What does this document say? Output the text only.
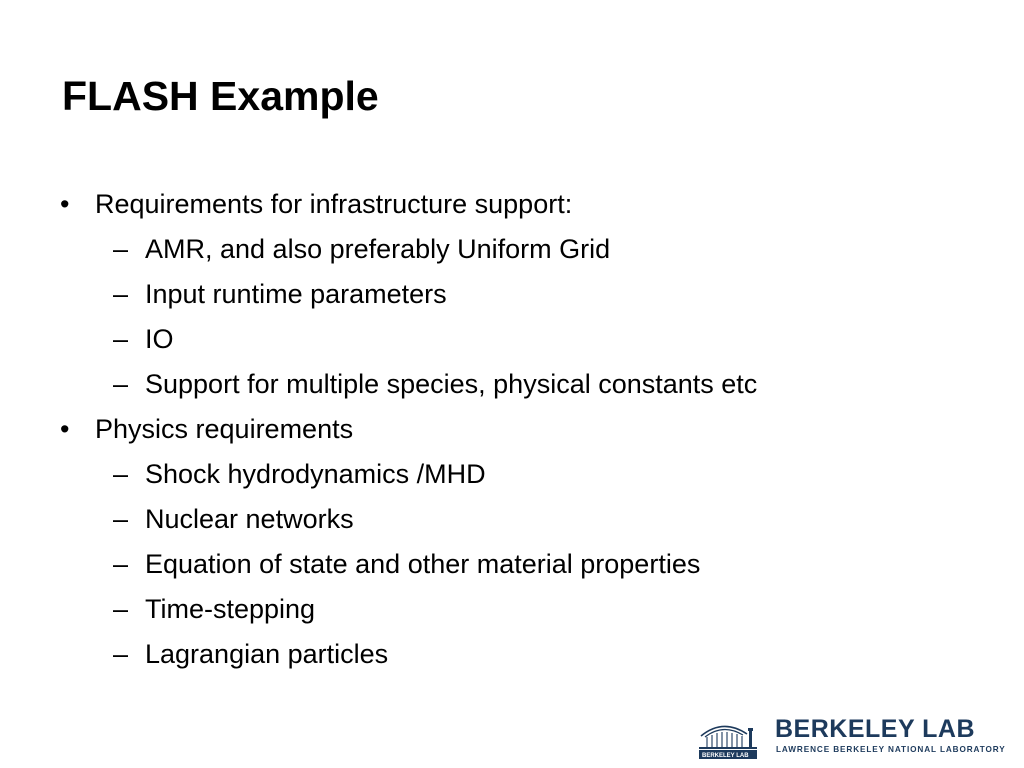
FLASH Example
• Requirements for infrastructure support:
– AMR, and also preferably Uniform Grid
– Input runtime parameters
– IO
– Support for multiple species, physical constants etc
• Physics requirements
– Shock hydrodynamics /MHD
– Nuclear networks
– Equation of state and other material properties
– Time-stepping
– Lagrangian particles
BERKELEY LAB
BERKELEY LAB
LAWRENCE BERKELEY NATIONAL LABORATORY
